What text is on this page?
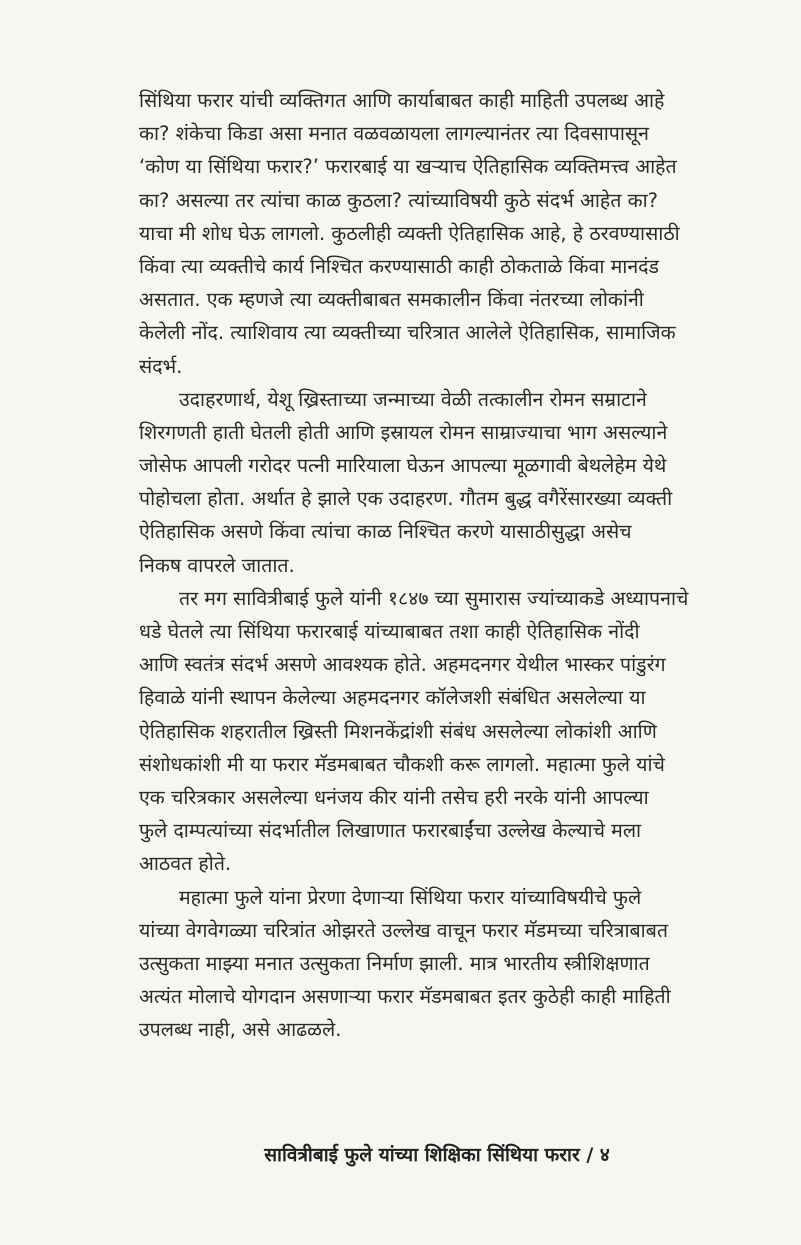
सिंथिया फरार यांची व्यक्तिगत आणि कार्याबाबत काही माहिती उपलब्ध आहे
का? शंकेचा किडा असा मनात वळवळायला लागल्यानंतर त्या दिवसापासून
‘कोण या सिंथिया फरार?’ फरारबाई या खऱ्याच ऐतिहासिक व्यक्तिमत्त्व आहेत
का? असल्या तर त्यांचा काळ कुठला? त्यांच्याविषयी कुठे संदर्भ आहेत का?
याचा मी शोध घेऊ लागलो. कुठलीही व्यक्ती ऐतिहासिक आहे, हे ठरवण्यासाठी
किंवा त्या व्यक्तीचे कार्य निश्चित करण्यासाठी काही ठोकताळे किंवा मानदंड
असतात. एक म्हणजे त्या व्यक्तीबाबत समकालीन किंवा नंतरच्या लोकांनी
केलेली नोंद. त्याशिवाय त्या व्यक्तीच्या चरित्रात आलेले ऐतिहासिक, सामाजिक
संदर्भ.
उदाहरणार्थ, येशू ख्रिस्ताच्या जन्माच्या वेळी तत्कालीन रोमन सम्राटाने
शिरगणती हाती घेतली होती आणि इस्रायल रोमन साम्राज्याचा भाग असल्याने
जोसेफ आपली गरोदर पत्नी मारियाला घेऊन आपल्या मूळगावी बेथलेहेम येथे
पोहोचला होता. अर्थात हे झाले एक उदाहरण. गौतम बुद्ध वगैरेंसारख्या व्यक्ती
ऐतिहासिक असणे किंवा त्यांचा काळ निश्चित करणे यासाठीसुद्धा असेच
निकष वापरले जातात.
तर मग सावित्रीबाई फुले यांनी १८४७ च्या सुमारास ज्यांच्याकडे अध्यापनाचे
धडे घेतले त्या सिंथिया फरारबाई यांच्याबाबत तशा काही ऐतिहासिक नोंदी
आणि स्वतंत्र संदर्भ असणे आवश्यक होते. अहमदनगर येथील भास्कर पांडुरंग
हिवाळे यांनी स्थापन केलेल्या अहमदनगर कॉलेजशी संबंधित असलेल्या या
ऐतिहासिक शहरातील ख्रिस्ती मिशनकेंद्रांशी संबंध असलेल्या लोकांशी आणि
संशोधकांशी मी या फरार मॅडमबाबत चौकशी करू लागलो. महात्मा फुले यांचे
एक चरित्रकार असलेल्या धनंजय कीर यांनी तसेच हरी नरके यांनी आपल्या
फुले दाम्पत्यांच्या संदर्भातील लिखाणात फरारबाईंचा उल्लेख केल्याचे मला
आठवत होते.
महात्मा फुले यांना प्रेरणा देणाऱ्या सिंथिया फरार यांच्याविषयीचे फुले
यांच्या वेगवेगळ्या चरित्रांत ओझरते उल्लेख वाचून फरार मॅडमच्या चरित्राबाबत
उत्सुकता माझ्या मनात उत्सुकता निर्माण झाली. मात्र भारतीय स्त्रीशिक्षणात
अत्यंत मोलाचे योगदान असणाऱ्या फरार मॅडमबाबत इतर कुठेही काही माहिती
उपलब्ध नाही, असे आढळले.
सावित्रीबाई फुले यांच्या शिक्षिका सिंथिया फरार / ४
